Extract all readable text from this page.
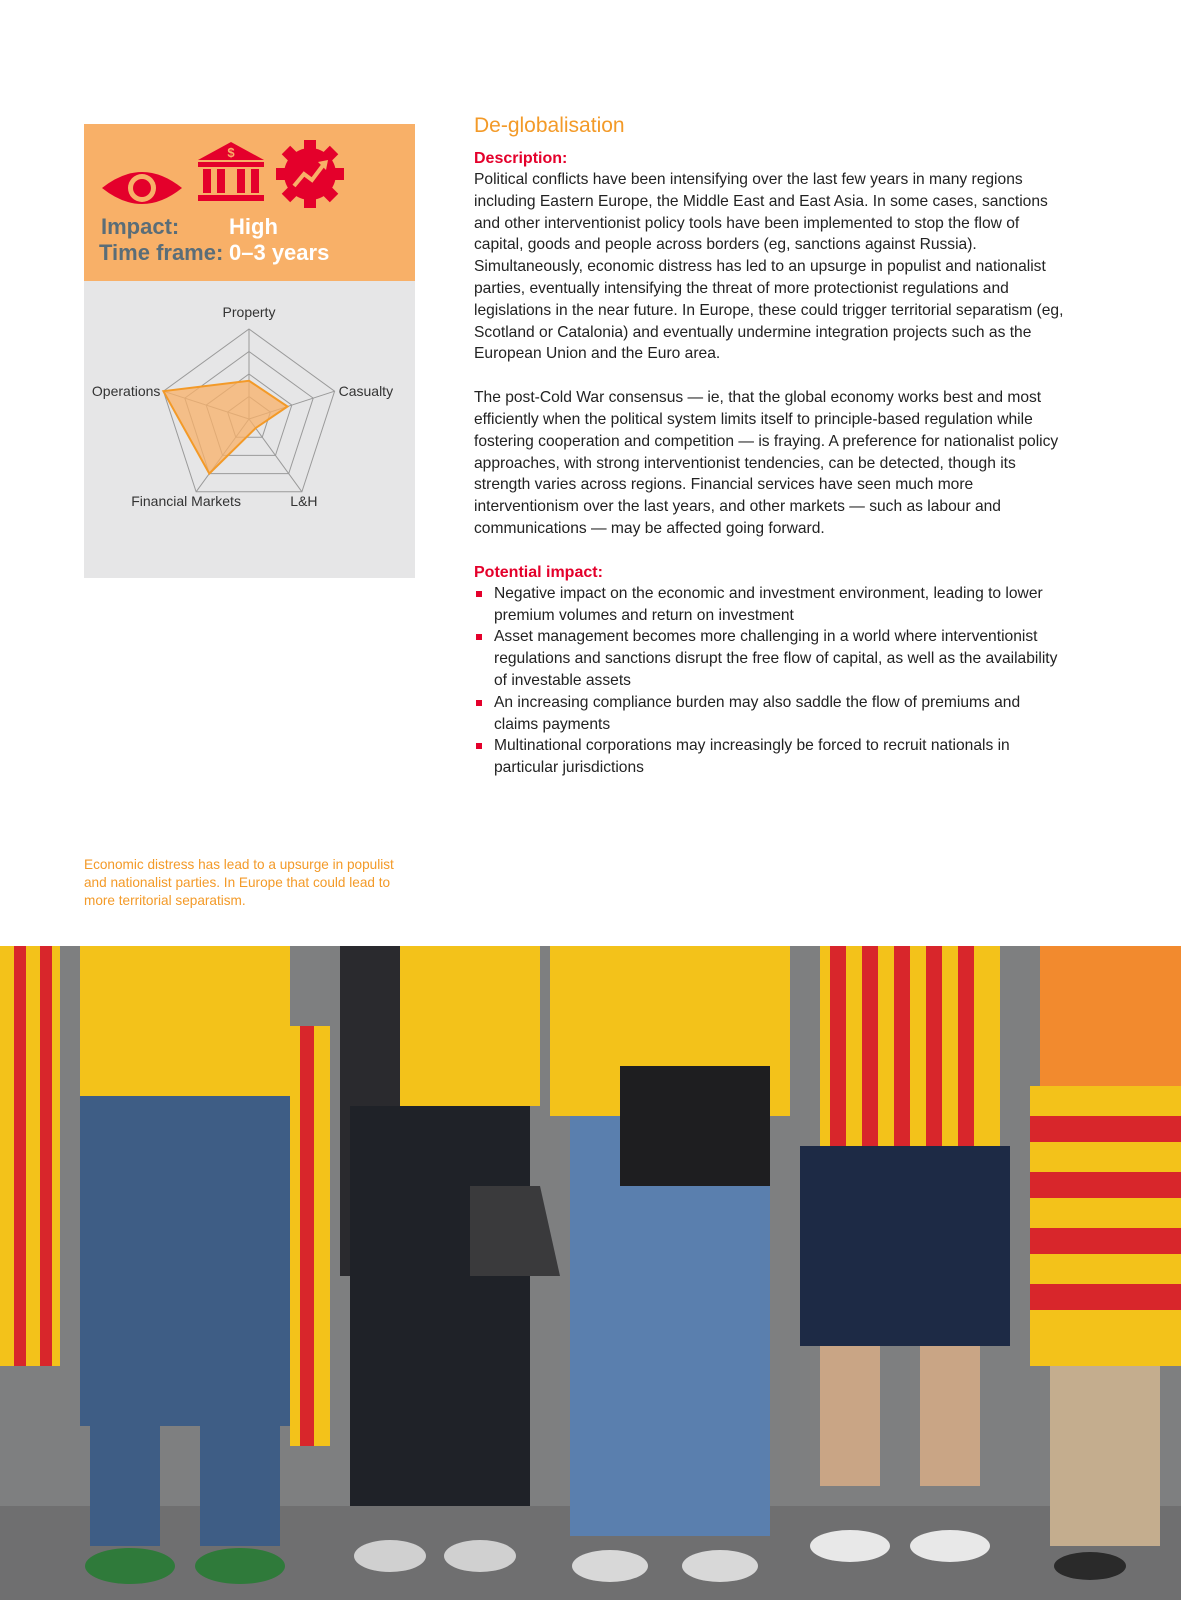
$
Impact: High
Time frame: 0–3 years
Property
Casualty
L&H
Financial Markets
Operations
De-globalisation

Description:

Political conflicts have been intensifying over the last few years in many regions including Eastern Europe, the Middle East and East Asia. In some cases, sanctions and other interventionist policy tools have been implemented to stop the flow of capital, goods and people across borders (eg, sanctions against Russia). Simultaneously, economic distress has led to an upsurge in populist and nationalist parties, eventually intensifying the threat of more protectionist regulations and legislations in the near future. In Europe, these could trigger territorial separatism (eg, Scotland or Catalonia) and eventually undermine integration projects such as the European Union and the Euro area.

The post-Cold War consensus — ie, that the global economy works best and most efficiently when the political system limits itself to principle-based regulation while fostering cooperation and competition — is fraying. A preference for nationalist policy approaches, with strong interventionist tendencies, can be detected, though its strength varies across regions. Financial services have seen much more interventionism over the last years, and other markets — such as labour and communications — may be affected going forward.

Potential impact:

Negative impact on the economic and investment environment, leading to lower premium volumes and return on investment
Asset management becomes more challenging in a world where interventionist regulations and sanctions disrupt the free flow of capital, as well as the availability of investable assets
An increasing compliance burden may also saddle the flow of premiums and claims payments
Multinational corporations may increasingly be forced to recruit nationals in particular jurisdictions
Economic distress has lead to a upsurge in populist and nationalist parties. In Europe that could lead to more territorial separatism.
